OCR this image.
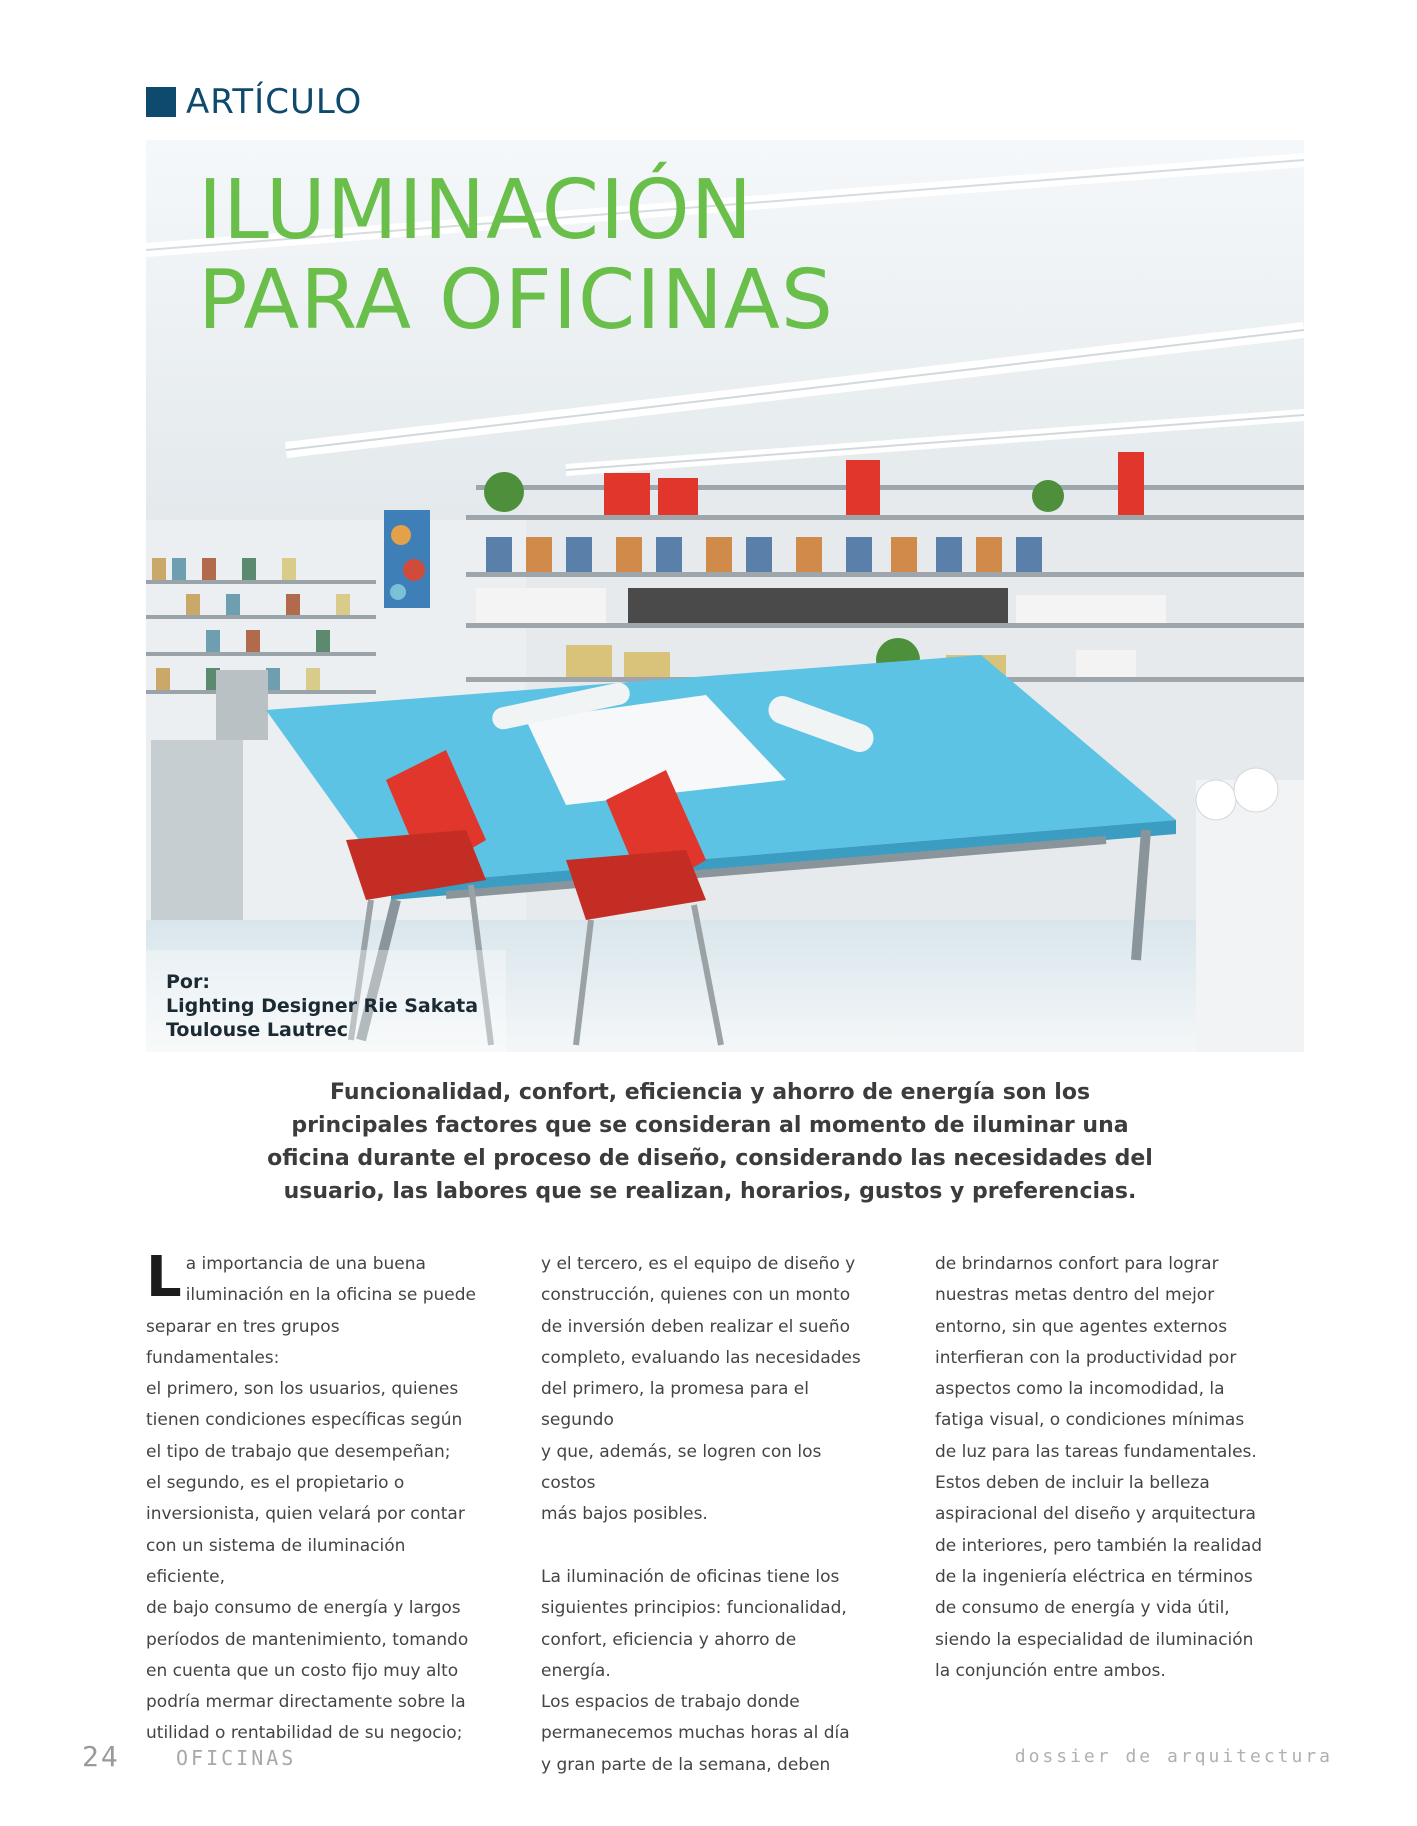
ARTÍCULO
ILUMINACIÓN
PARA OFICINAS
Por:
Lighting Designer Rie Sakata
Toulouse Lautrec

Funcionalidad, confort, eficiencia y ahorro de energía son los principales factores que se consideran al momento de iluminar una oficina durante el proceso de diseño, considerando las necesidades del usuario, las labores que se realizan, horarios, gustos y preferencias.

L a importancia de una buena
iluminación en la oficina se puede
separar en tres grupos fundamentales:
el primero, son los usuarios, quienes
tienen condiciones específicas según
el tipo de trabajo que desempeñan;
el segundo, es el propietario o
inversionista, quien velará por contar
con un sistema de iluminación eficiente,
de bajo consumo de energía y largos
períodos de mantenimiento, tomando
en cuenta que un costo fijo muy alto
podría mermar directamente sobre la
utilidad o rentabilidad de su negocio;

y el tercero, es el equipo de diseño y
construcción, quienes con un monto
de inversión deben realizar el sueño
completo, evaluando las necesidades
del primero, la promesa para el segundo
y que, además, se logren con los costos
más bajos posibles.

La iluminación de oficinas tiene los
siguientes principios: funcionalidad,
confort, eficiencia y ahorro de energía.
Los espacios de trabajo donde
permanecemos muchas horas al día
y gran parte de la semana, deben

de brindarnos confort para lograr
nuestras metas dentro del mejor
entorno, sin que agentes externos
interfieran con la productividad por
aspectos como la incomodidad, la
fatiga visual, o condiciones mínimas
de luz para las tareas fundamentales.
Estos deben de incluir la belleza
aspiracional del diseño y arquitectura
de interiores, pero también la realidad
de la ingeniería eléctrica en términos
de consumo de energía y vida útil,
siendo la especialidad de iluminación
la conjunción entre ambos.

24	OFICINAS	dossier de arquitectura
